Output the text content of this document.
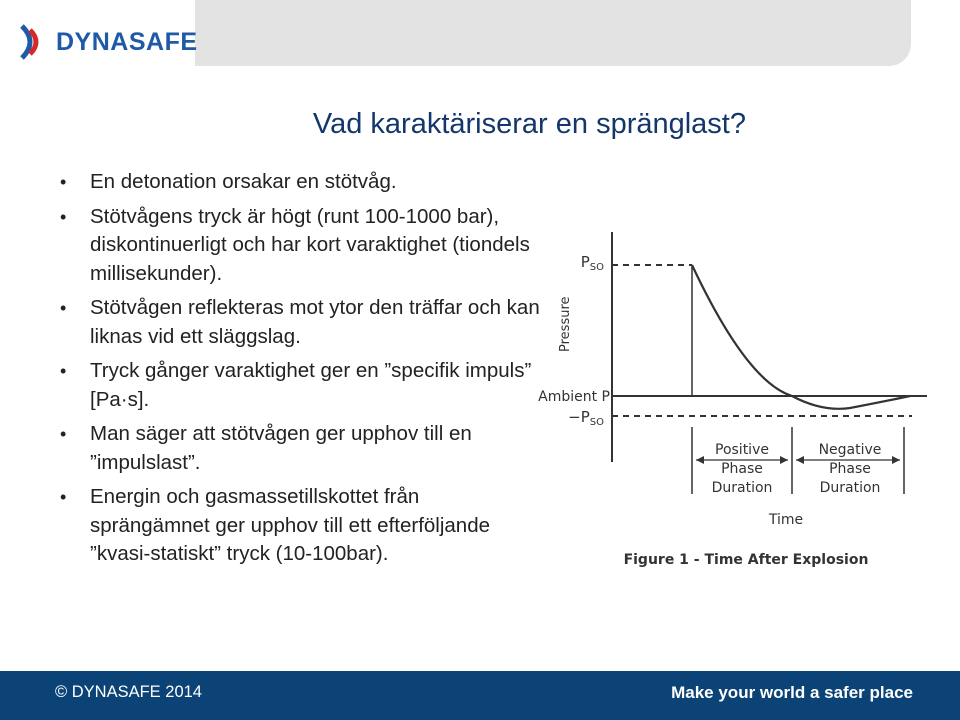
DYNASAFE
Vad karaktäriserar en spränglast?
• En detonation orsakar en stötvåg.
• Stötvågens tryck är högt (runt 100-1000 bar), diskontinuerligt och har kort varaktighet (tiondels millisekunder).
• Stötvågen reflekteras mot ytor den träffar och kan liknas vid ett släggslag.
• Tryck gånger varaktighet ger en ”specifik impuls” [Pa·s].
• Man säger att stötvågen ger upphov till en ”impulslast”.
• Energin och gasmassetillskottet från sprängämnet ger upphov till ett efterföljande ”kvasi-statiskt” tryck (10-100bar).
$P_{SO}$
Pressure
Ambient P
$-P_{SO}$
Positive
Phase
Duration
Negative
Phase
Duration
Time
Figure 1 - Time After Explosion
© DYNASAFE 2014	Make your world a safer place
